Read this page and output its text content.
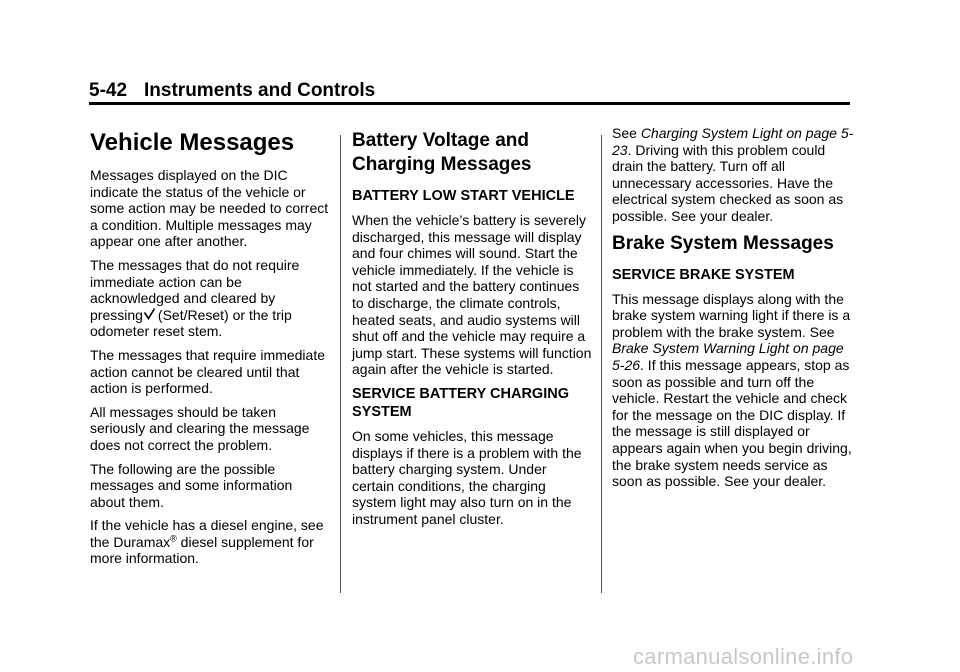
5-42 Instruments and Controls
Vehicle Messages

Messages displayed on the DIC indicate the status of the vehicle or some action may be needed to correct a condition. Multiple messages may appear one after another.

The messages that do not require immediate action can be acknowledged and cleared by pressing (Set/Reset) or the trip odometer reset stem.

The messages that require immediate action cannot be cleared until that action is performed.

All messages should be taken seriously and clearing the message does not correct the problem.

The following are the possible messages and some information about them.

If the vehicle has a diesel engine, see the Duramax® diesel supplement for more information.

Battery Voltage and Charging Messages
BATTERY LOW START VEHICLE

When the vehicle’s battery is severely discharged, this message will display and four chimes will sound. Start the vehicle immediately. If the vehicle is not started and the battery continues to discharge, the climate controls, heated seats, and audio systems will shut off and the vehicle may require a jump start. These systems will function again after the vehicle is started.

SERVICE BATTERY CHARGING SYSTEM

On some vehicles, this message displays if there is a problem with the battery charging system. Under certain conditions, the charging system light may also turn on in the instrument panel cluster.

See Charging System Light on page 5-23. Driving with this problem could drain the battery. Turn off all unnecessary accessories. Have the electrical system checked as soon as possible. See your dealer.

Brake System Messages
SERVICE BRAKE SYSTEM

This message displays along with the brake system warning light if there is a problem with the brake system. See Brake System Warning Light on page 5-26. If this message appears, stop as soon as possible and turn off the vehicle. Restart the vehicle and check for the message on the DIC display. If the message is still displayed or appears again when you begin driving, the brake system needs service as soon as possible. See your dealer.

carmanualsonline.info
